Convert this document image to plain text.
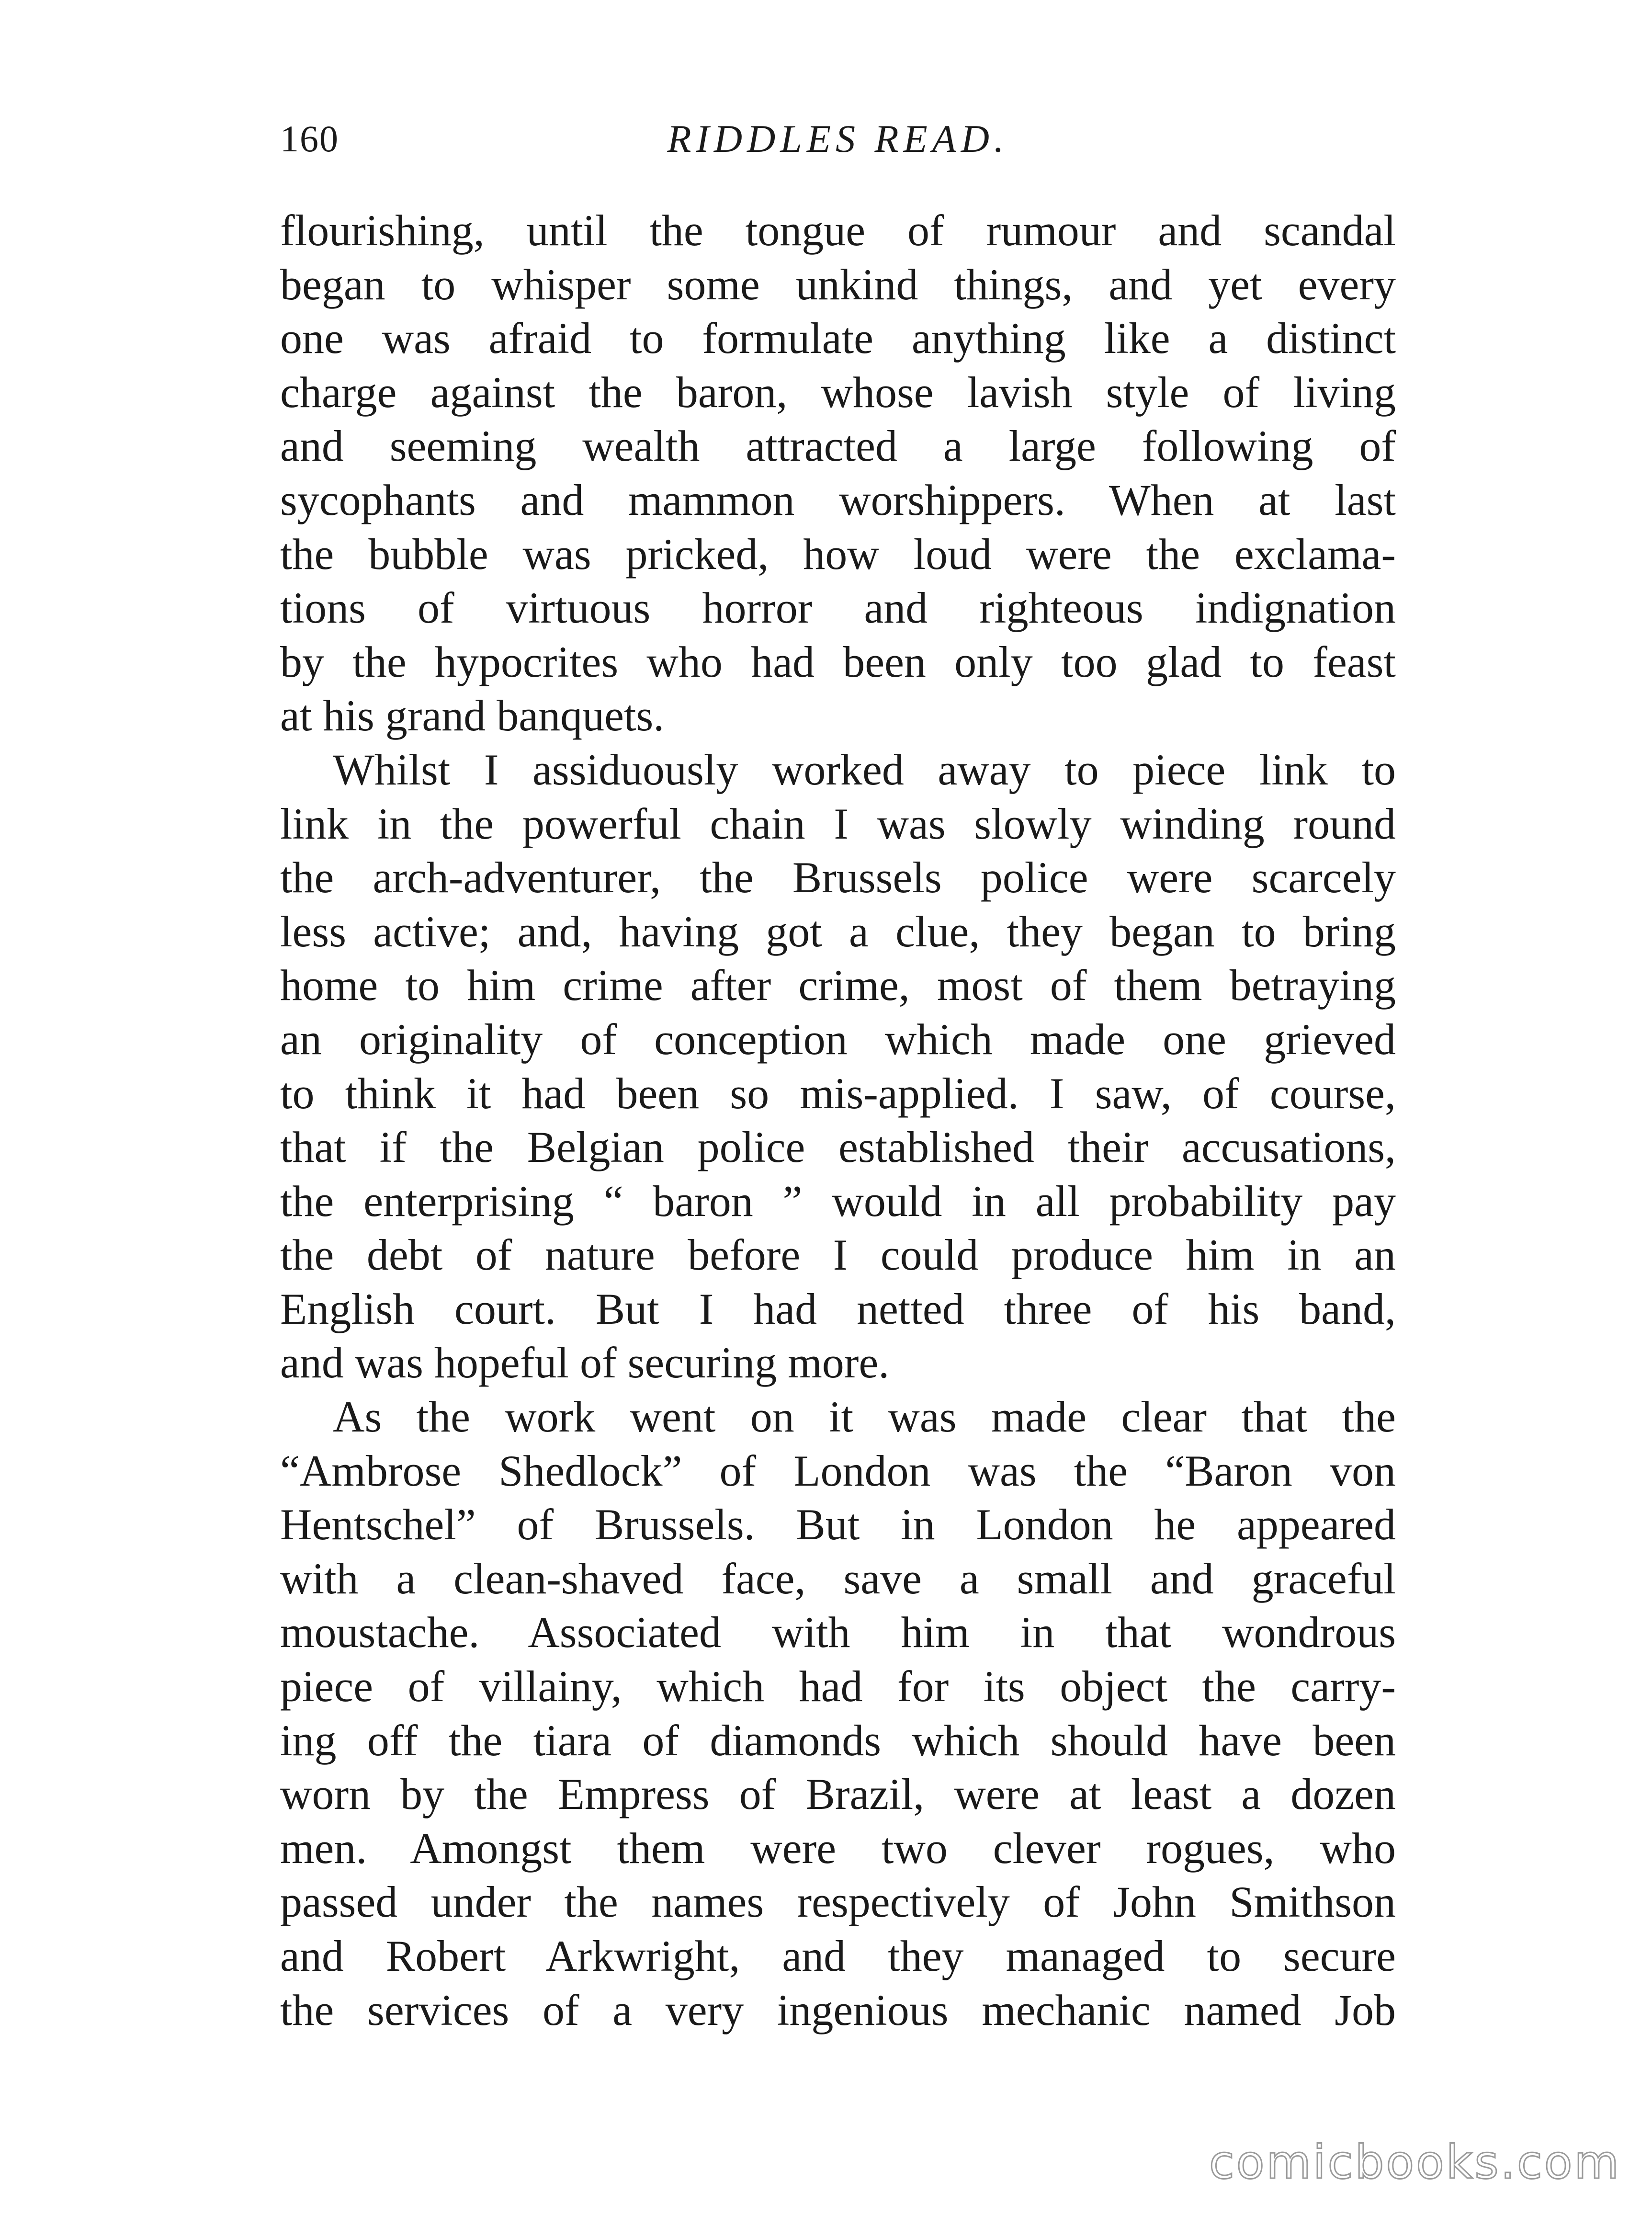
160	RIDDLES READ.
flourishing, until the tongue of rumour and scandal
began to whisper some unkind things, and yet every
one was afraid to formulate anything like a distinct
charge against the baron, whose lavish style of living
and seeming wealth attracted a large following of
sycophants and mammon worshippers. When at last
the bubble was pricked, how loud were the exclama-
tions of virtuous horror and righteous indignation
by the hypocrites who had been only too glad to feast
at his grand banquets.
Whilst I assiduously worked away to piece link to
link in the powerful chain I was slowly winding round
the arch-adventurer, the Brussels police were scarcely
less active; and, having got a clue, they began to bring
home to him crime after crime, most of them betraying
an originality of conception which made one grieved
to think it had been so mis-applied. I saw, of course,
that if the Belgian police established their accusations,
the enterprising “ baron ” would in all probability pay
the debt of nature before I could produce him in an
English court. But I had netted three of his band,
and was hopeful of securing more.
As the work went on it was made clear that the
“Ambrose Shedlock” of London was the “Baron von
Hentschel” of Brussels. But in London he appeared
with a clean-shaved face, save a small and graceful
moustache. Associated with him in that wondrous
piece of villainy, which had for its object the carry-
ing off the tiara of diamonds which should have been
worn by the Empress of Brazil, were at least a dozen
men. Amongst them were two clever rogues, who
passed under the names respectively of John Smithson
and Robert Arkwright, and they managed to secure
the services of a very ingenious mechanic named Job
comicbooks.com
